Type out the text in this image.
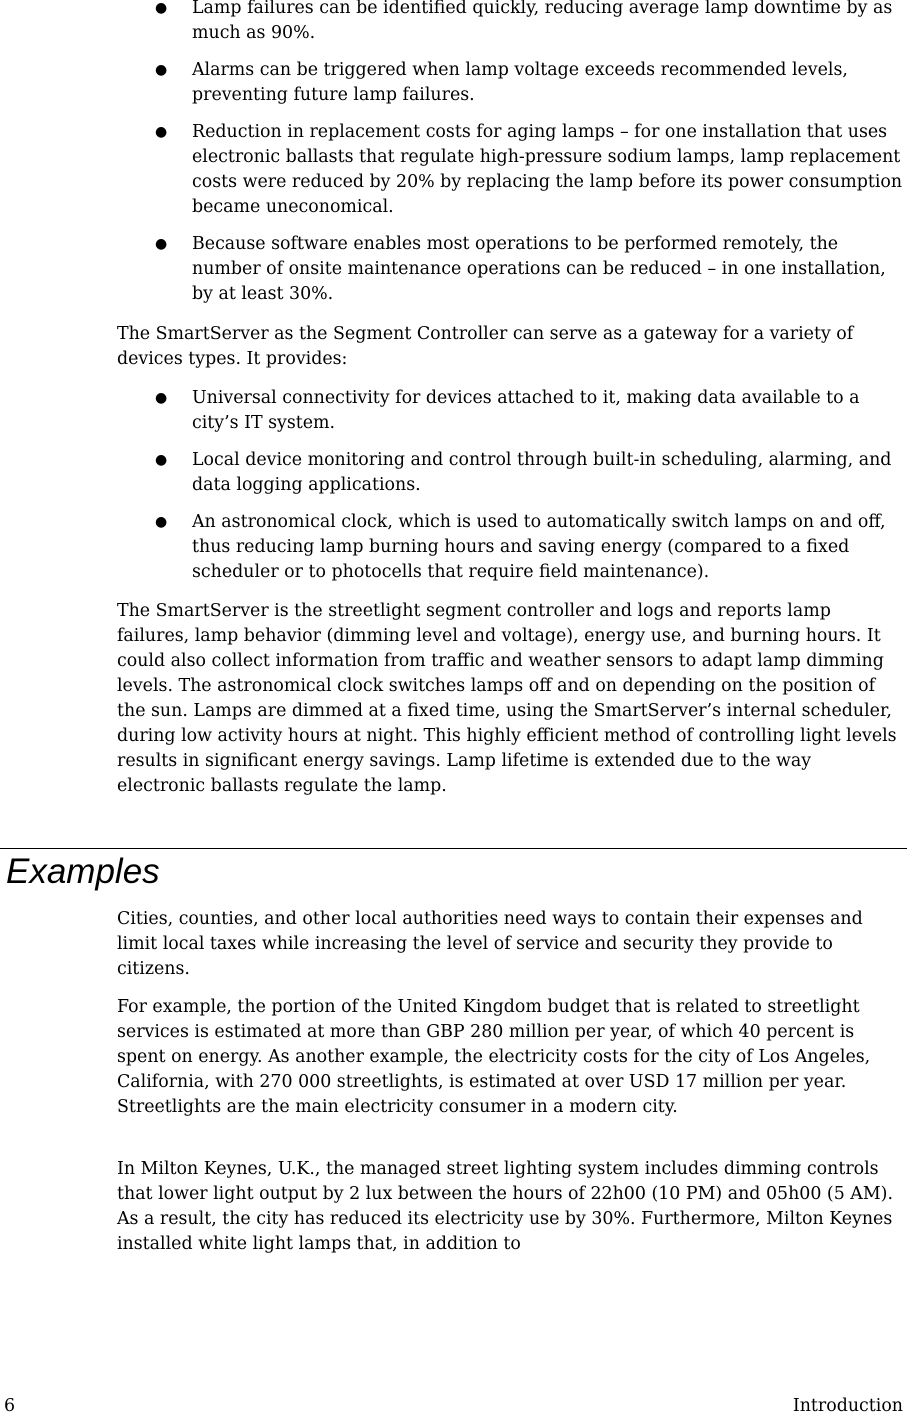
● Lamp failures can be identified quickly, reducing average lamp downtime by as much as 90%.
● Alarms can be triggered when lamp voltage exceeds recommended levels, preventing future lamp failures.
● Reduction in replacement costs for aging lamps – for one installation that uses electronic ballasts that regulate high-pressure sodium lamps, lamp replacement costs were reduced by 20% by replacing the lamp before its power consumption became uneconomical.
● Because software enables most operations to be performed remotely, the number of onsite maintenance operations can be reduced – in one installation, by at least 30%.

The SmartServer as the Segment Controller can serve as a gateway for a variety of devices types. It provides:

● Universal connectivity for devices attached to it, making data available to a city’s IT system.
● Local device monitoring and control through built-in scheduling, alarming, and data logging applications.
● An astronomical clock, which is used to automatically switch lamps on and off, thus reducing lamp burning hours and saving energy (compared to a fixed scheduler or to photocells that require field maintenance).

The SmartServer is the streetlight segment controller and logs and reports lamp failures, lamp behavior (dimming level and voltage), energy use, and burning hours. It could also collect information from traffic and weather sensors to adapt lamp dimming levels. The astronomical clock switches lamps off and on depending on the position of the sun. Lamps are dimmed at a fixed time, using the SmartServer’s internal scheduler, during low activity hours at night. This highly efficient method of controlling light levels results in significant energy savings. Lamp lifetime is extended due to the way electronic ballasts regulate the lamp.

Examples

Cities, counties, and other local authorities need ways to contain their expenses and limit local taxes while increasing the level of service and security they provide to citizens.

For example, the portion of the United Kingdom budget that is related to streetlight services is estimated at more than GBP 280 million per year, of which 40 percent is spent on energy. As another example, the electricity costs for the city of Los Angeles, California, with 270 000 streetlights, is estimated at over USD 17 million per year. Streetlights are the main electricity consumer in a modern city.

In Milton Keynes, U.K., the managed street lighting system includes dimming controls that lower light output by 2 lux between the hours of 22h00 (10 PM) and 05h00 (5 AM). As a result, the city has reduced its electricity use by 30%. Furthermore, Milton Keynes installed white light lamps that, in addition to

6	Introduction
